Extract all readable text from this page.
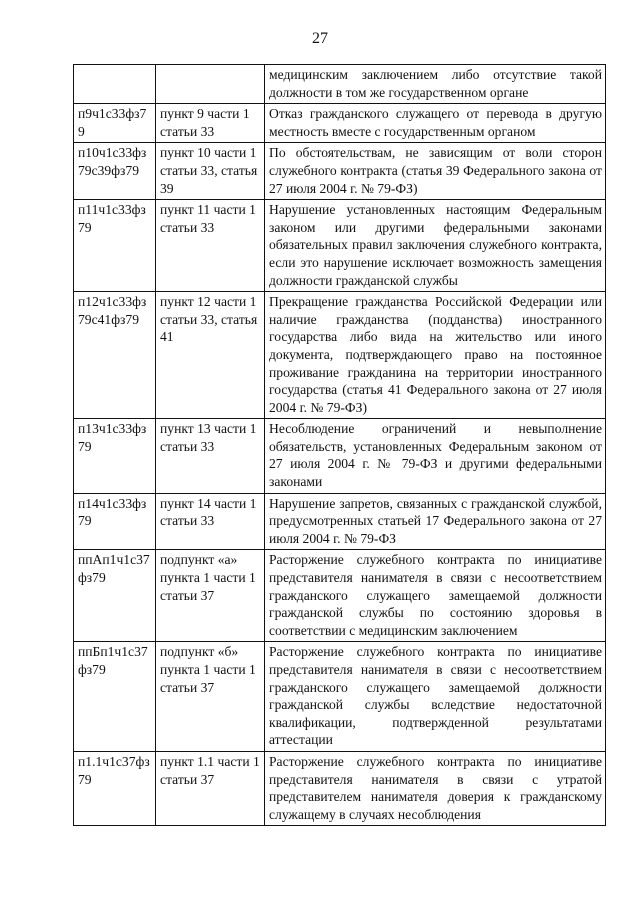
27
		медицинским заключением либо отсутствие такой должности в том же государственном органе
п9ч1с33фз79	пункт 9 части 1 статьи 33	Отказ гражданского служащего от перевода в другую местность вместе с государственным органом
п10ч1с33фз79с39фз79	пункт 10 части 1 статьи 33, статья 39	По обстоятельствам, не зависящим от воли сторон служебного контракта (статья 39 Федерального закона от 27 июля 2004 г. № 79-ФЗ)
п11ч1с33фз79	пункт 11 части 1 статьи 33	Нарушение установленных настоящим Федеральным законом или другими федеральными законами обязательных правил заключения служебного контракта, если это нарушение исключает возможность замещения должности гражданской службы
п12ч1с33фз79с41фз79	пункт 12 части 1 статьи 33, статья 41	Прекращение гражданства Российской Федерации или наличие гражданства (подданства) иностранного государства либо вида на жительство или иного документа, подтверждающего право на постоянное проживание гражданина на территории иностранного государства (статья 41 Федерального закона от 27 июля 2004 г. № 79-ФЗ)
п13ч1с33фз79	пункт 13 части 1 статьи 33	Несоблюдение ограничений и невыполнение обязательств, установленных Федеральным законом от 27 июля 2004 г. № 79-ФЗ и другими федеральными законами
п14ч1с33фз79	пункт 14 части 1 статьи 33	Нарушение запретов, связанных с гражданской службой, предусмотренных статьей 17 Федерального закона от 27 июля 2004 г. № 79-ФЗ
ппАп1ч1с37фз79	подпункт «а» пункта 1 части 1 статьи 37	Расторжение служебного контракта по инициативе представителя нанимателя в связи с несоответствием гражданского служащего замещаемой должности гражданской службы по состоянию здоровья в соответствии с медицинским заключением
ппБп1ч1с37фз79	подпункт «б» пункта 1 части 1 статьи 37	Расторжение служебного контракта по инициативе представителя нанимателя в связи с несоответствием гражданского служащего замещаемой должности гражданской службы вследствие недостаточной квалификации, подтвержденной результатами аттестации
п1.1ч1с37фз79	пункт 1.1 части 1 статьи 37	Расторжение служебного контракта по инициативе представителя нанимателя в связи с утратой представителем нанимателя доверия к гражданскому служащему в случаях несоблюдения
